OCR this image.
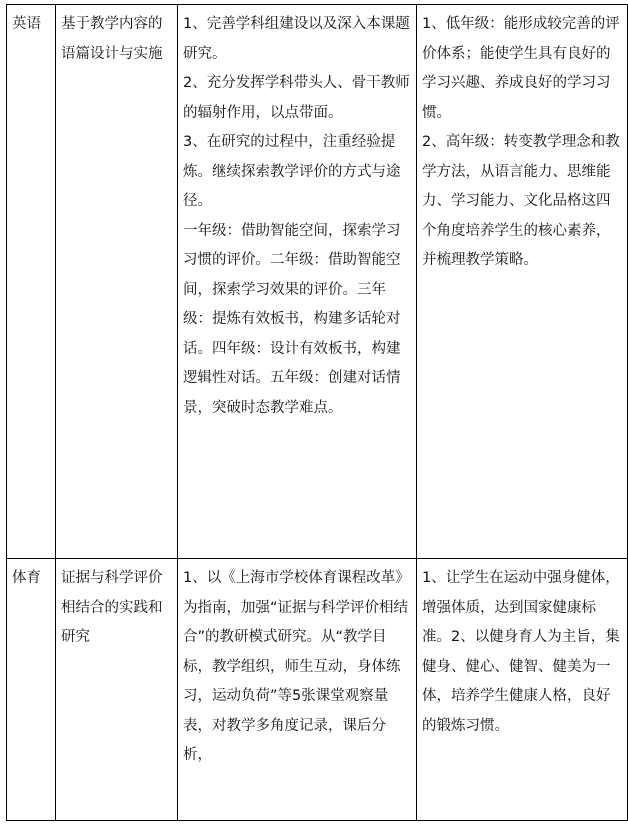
英语	基于教学内容的语篇设计与实施	1、完善学科组建设以及深入本课题研究。
2、充分发挥学科带头人、骨干教师的辐射作用，以点带面。
3、在研究的过程中，注重经验提炼。继续探索教学评价的方式与途径。
一年级：借助智能空间，探索学习习惯的评价。二年级：借助智能空间，探索学习效果的评价。三年级：提炼有效板书，构建多话轮对话。四年级：设计有效板书，构建逻辑性对话。五年级：创建对话情景，突破时态教学难点。	1、低年级：能形成较完善的评价体系；能使学生具有良好的学习兴趣、养成良好的学习习惯。
2、高年级：转变教学理念和教学方法，从语言能力、思维能力、学习能力、文化品格这四个角度培养学生的核心素养，并梳理教学策略。

体育	证据与科学评价相结合的实践和研究	1、以《上海市学校体育课程改革》为指南，加强“证据与科学评价相结合”的教研模式研究。从“教学目标，教学组织，师生互动，身体练习，运动负荷”等5张课堂观察量表，对教学多角度记录，课后分析，	1、让学生在运动中强身健体，增强体质，达到国家健康标准。2、以健身育人为主旨，集健身、健心、健智、健美为一体，培养学生健康人格，良好的锻炼习惯。
